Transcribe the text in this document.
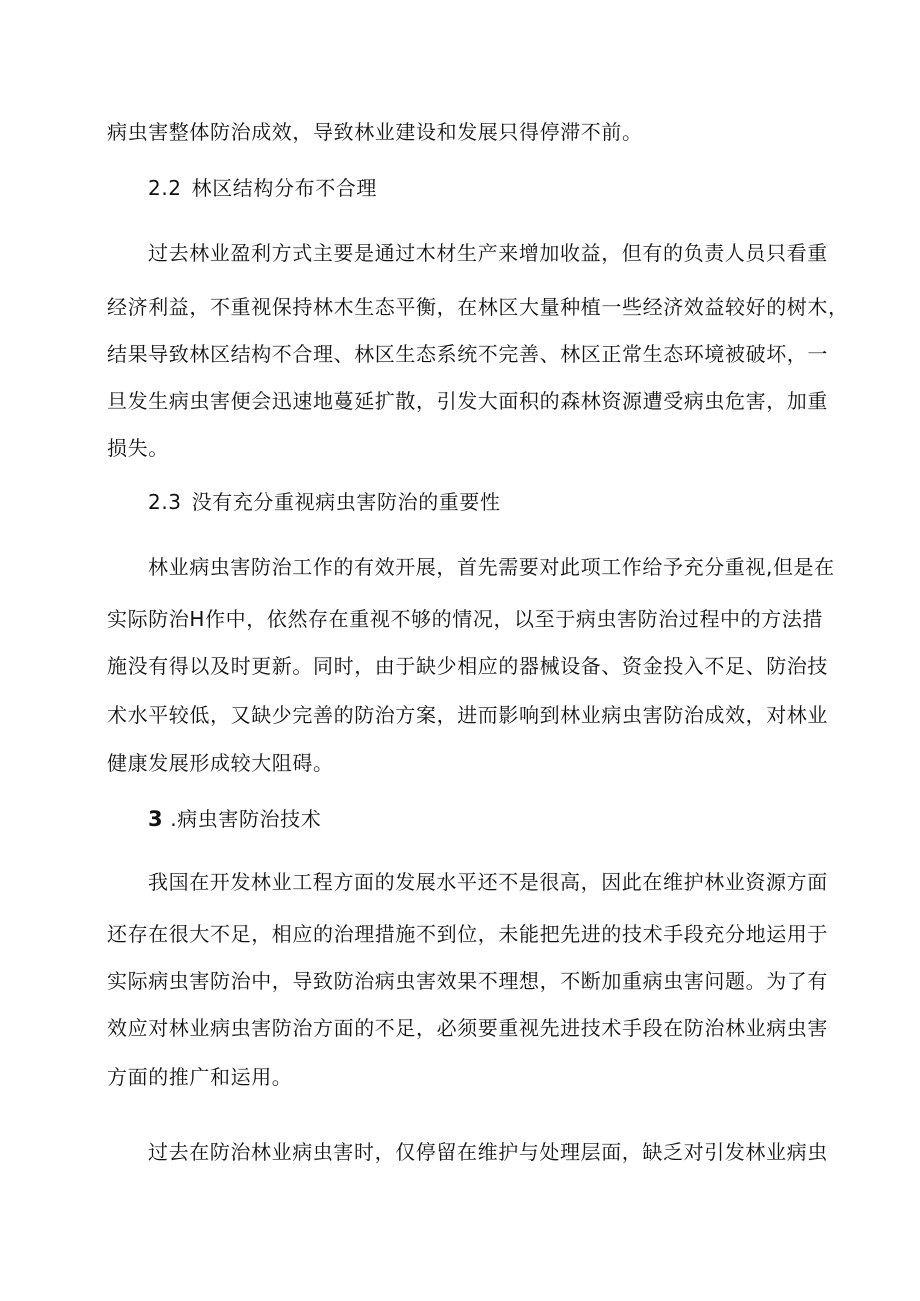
病虫害整体防治成效，导致林业建设和发展只得停滞不前。
2.2 林区结构分布不合理
过去林业盈利方式主要是通过木材生产来增加收益，但有的负责人员只看重
经济利益，不重视保持林木生态平衡，在林区大量种植一些经济效益较好的树木，
结果导致林区结构不合理、林区生态系统不完善、林区正常生态环境被破坏，一
旦发生病虫害便会迅速地蔓延扩散，引发大面积的森林资源遭受病虫危害，加重
损失。
2.3 没有充分重视病虫害防治的重要性
林业病虫害防治工作的有效开展，首先需要对此项工作给予充分重视,但是在
实际防治H作中，依然存在重视不够的情况，以至于病虫害防治过程中的方法措
施没有得以及时更新。同时，由于缺少相应的器械设备、资金投入不足、防治技
术水平较低，又缺少完善的防治方案，进而影响到林业病虫害防治成效，对林业
健康发展形成较大阻碍。
3 .病虫害防治技术
我国在开发林业工程方面的发展水平还不是很高，因此在维护林业资源方面
还存在很大不足，相应的治理措施不到位，未能把先进的技术手段充分地运用于
实际病虫害防治中，导致防治病虫害效果不理想，不断加重病虫害问题。为了有
效应对林业病虫害防治方面的不足，必须要重视先进技术手段在防治林业病虫害
方面的推广和运用。
过去在防治林业病虫害时，仅停留在维护与处理层面，缺乏对引发林业病虫
